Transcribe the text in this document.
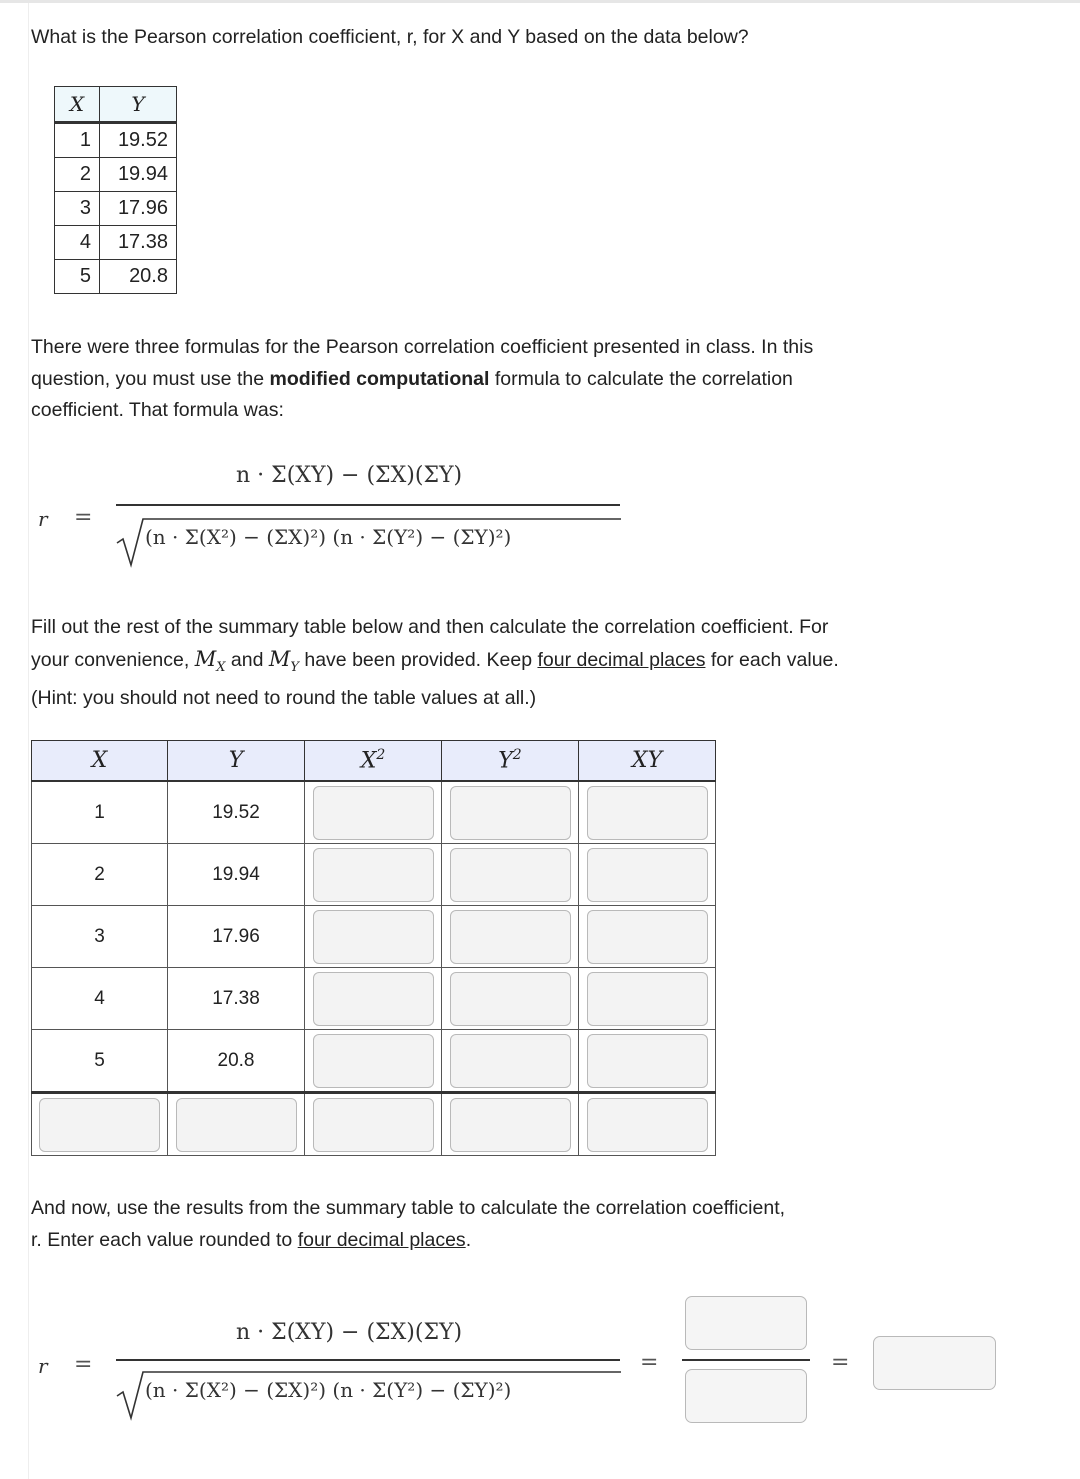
What is the Pearson correlation coefficient, r, for X and Y based on the data below?
X	Y
1	19.52
2	19.94
3	17.96
4	17.38
5	20.8
There were three formulas for the Pearson correlation coefficient presented in class. In this question, you must use the modified computational formula to calculate the correlation coefficient. That formula was:
r =
n · Σ(XY) − (ΣX)(ΣY)
(n · Σ(X²) − (ΣX)²) (n · Σ(Y²) − (ΣY)²)
Fill out the rest of the summary table below and then calculate the correlation coefficient. For your convenience, $M_X$ and $M_Y$ have been provided. Keep four decimal places for each value. (Hint: you should not need to round the table values at all.)
X	Y	$X^2$	$Y^2$	XY
1	19.52	

2	19.94	

3	17.96	

4	17.38	

5	20.8	

And now, use the results from the summary table to calculate the correlation coefficient, r. Enter each value rounded to four decimal places.
r =
n · Σ(XY) − (ΣX)(ΣY)
(n · Σ(X²) − (ΣX)²) (n · Σ(Y²) − (ΣY)²)
=	=
